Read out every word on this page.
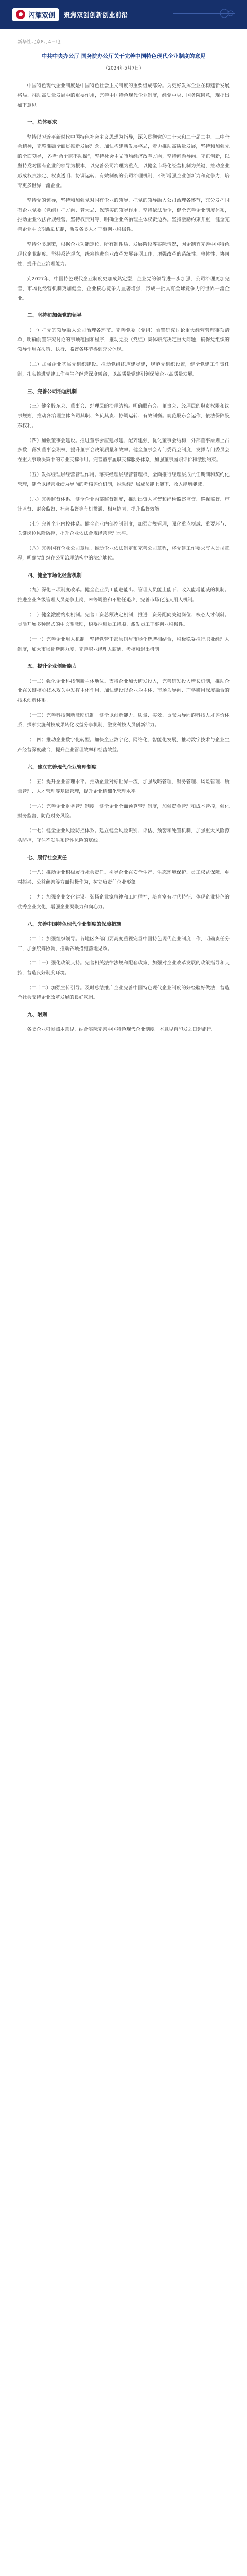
闪耀双创 聚焦双创创新创业前沿
新华社北京8月4日电
中共中央办公厅 国务院办公厅关于完善中国特色现代企业制度的意见
（2024年5月7日）
中国特色现代企业制度是中国特色社会主义制度的重要组成部分。为更好发挥企业在构建新发展格局、推动高质量发展中的重要作用，完善中国特色现代企业制度，经党中央、国务院同意，现提出如下意见。
一、总体要求
坚持以习近平新时代中国特色社会主义思想为指导，深入贯彻党的二十大和二十届二中、三中全会精神，完整准确全面贯彻新发展理念，加快构建新发展格局，着力推动高质量发展，坚持和加强党的全面领导，坚持“两个毫不动摇”，坚持社会主义市场经济改革方向，坚持问题导向、守正创新，以坚持党对国有企业的领导为根本，以完善公司治理为重点，以健全市场化经营机制为关键，推动企业形成权责法定、权责透明、协调运转、有效制衡的公司治理机制，不断增强企业创新力和竞争力，培育更多世界一流企业。
坚持党的领导，坚持和加强党对国有企业的领导，把党的领导融入公司治理各环节，充分发挥国有企业党委（党组）把方向、管大局、保落实的领导作用。坚持依法治企，健全完善企业制度体系，推动企业依法合规经营。坚持权责对等，明确企业各治理主体权责边界。坚持激励约束并重，健全完善企业中长期激励机制，激发各类人才干事创业积极性。
坚持分类施策，根据企业功能定位、所有制性质、发展阶段等实际情况，因企制宜完善中国特色现代企业制度。坚持系统观念，统筹推进企业改革发展各项工作，增强改革的系统性、整体性、协同性，提升企业治理能力。
到2027年，中国特色现代企业制度更加成熟定型，企业党的领导进一步加强，公司治理更加完善，市场化经营机制更加健全，企业核心竞争力显著增强，形成一批具有全球竞争力的世界一流企业。
二、坚持和加强党的领导
（一）把党的领导融入公司治理各环节。完善党委（党组）前置研究讨论重大经营管理事项清单，明确前置研究讨论的事项范围和程序，推动党委（党组）集体研究决定重大问题，确保党组织的领导作用在决策、执行、监督各环节得到充分体现。
（二）加强企业基层党组织建设。推动党组织应建尽建，规范党组织设置，健全党建工作责任制，扎实推进党建工作与生产经营深度融合，以高质量党建引领保障企业高质量发展。
三、完善公司治理机制
（三）健全股东会、董事会、经理层的治理结构。明确股东会、董事会、经理层的职责权限和议事规则，推动各治理主体各司其职、各负其责、协调运转、有效制衡。规范股东会运作，依法保障股东权利。
（四）加强董事会建设。推进董事会应建尽建、配齐建强，优化董事会结构，外部董事原则上占多数，落实董事会职权，提升董事会决策质量和效率。健全董事会专门委员会制度，发挥专门委员会在重大事项决策中的专业支撑作用。完善董事履职支撑服务体系，加强董事履职评价和激励约束。
（五）发挥经理层经营管理作用。落实经理层经营管理权，全面推行经理层成员任期制和契约化管理，健全以经营业绩为导向的考核评价机制，推动经理层成员能上能下、收入能增能减。
（六）完善监督体系。健全企业内部监督制度，推动出资人监督和纪检监察监督、巡视监督、审计监督、财会监督、社会监督等有机贯通、相互协同，提升监督效能。
（七）完善企业内控体系。健全企业内部控制制度，加强合规管理，强化重点领域、重要环节、关键岗位风险防控，提升企业依法合规经营管理水平。
（八）完善国有企业公司章程。推动企业依法制定和完善公司章程，将党建工作要求写入公司章程，明确党组织在公司治理结构中的法定地位。
四、健全市场化经营机制
（九）深化三项制度改革。健全企业员工能进能出、管理人员能上能下、收入能增能减的机制。推进企业各级管理人员竞争上岗、末等调整和不胜任退出，完善市场化选人用人机制。
（十）健全激励约束机制。完善工资总额决定机制，推进工资分配向关键岗位、核心人才倾斜。灵活开展多种形式的中长期激励，稳妥推进员工持股，激发员工干事创业积极性。
（十一）完善企业用人机制。坚持党管干部原则与市场化选聘相结合，积极稳妥推行职业经理人制度，加大市场化选聘力度，完善职业经理人薪酬、考核和退出机制。
五、提升企业创新能力
（十二）强化企业科技创新主体地位。支持企业加大研发投入，完善研发投入增长机制，推动企业在关键核心技术攻关中发挥主体作用，加快建设以企业为主体、市场为导向、产学研用深度融合的技术创新体系。
（十三）完善科技创新激励机制。健全以创新能力、质量、实效、贡献为导向的科技人才评价体系，探索实施科技成果转化收益分享机制，激发科技人员创新活力。
（十四）推动企业数字化转型。加快企业数字化、网络化、智能化发展，推动数字技术与企业生产经营深度融合，提升企业管理效率和经营效益。
六、建立完善现代企业管理制度
（十五）提升企业管理水平。推动企业对标世界一流，加强战略管理、财务管理、风险管理、质量管理、人才管理等基础管理，提升企业精细化管理水平。
（十六）完善企业财务管理制度。健全企业全面预算管理制度，加强资金管理和成本管控，强化财务监督，防范财务风险。
（十七）健全企业风险防控体系。建立健全风险识别、评估、预警和处置机制，加强重大风险源头防控，守住不发生系统性风险的底线。
七、履行社会责任
（十八）推动企业积极履行社会责任。引导企业在安全生产、生态环境保护、员工权益保障、乡村振兴、公益慈善等方面积极作为，树立负责任企业形象。
（十九）加强企业文化建设。弘扬企业家精神和工匠精神，培育富有时代特征、体现企业特色的优秀企业文化，增强企业凝聚力和向心力。
八、完善中国特色现代企业制度的保障措施
（二十）加强组织领导。各地区各部门要高度重视完善中国特色现代企业制度工作，明确责任分工，加强统筹协调，推动各项措施落地见效。
（二十一）强化政策支持。完善相关法律法规和配套政策，加强对企业改革发展的政策指导和支持，营造良好制度环境。
（二十二）加强宣传引导。及时总结推广企业完善中国特色现代企业制度的好经验好做法，营造全社会支持企业改革发展的良好氛围。
九、附则
各类企业可参照本意见，结合实际完善中国特色现代企业制度。本意见自印发之日起施行。
